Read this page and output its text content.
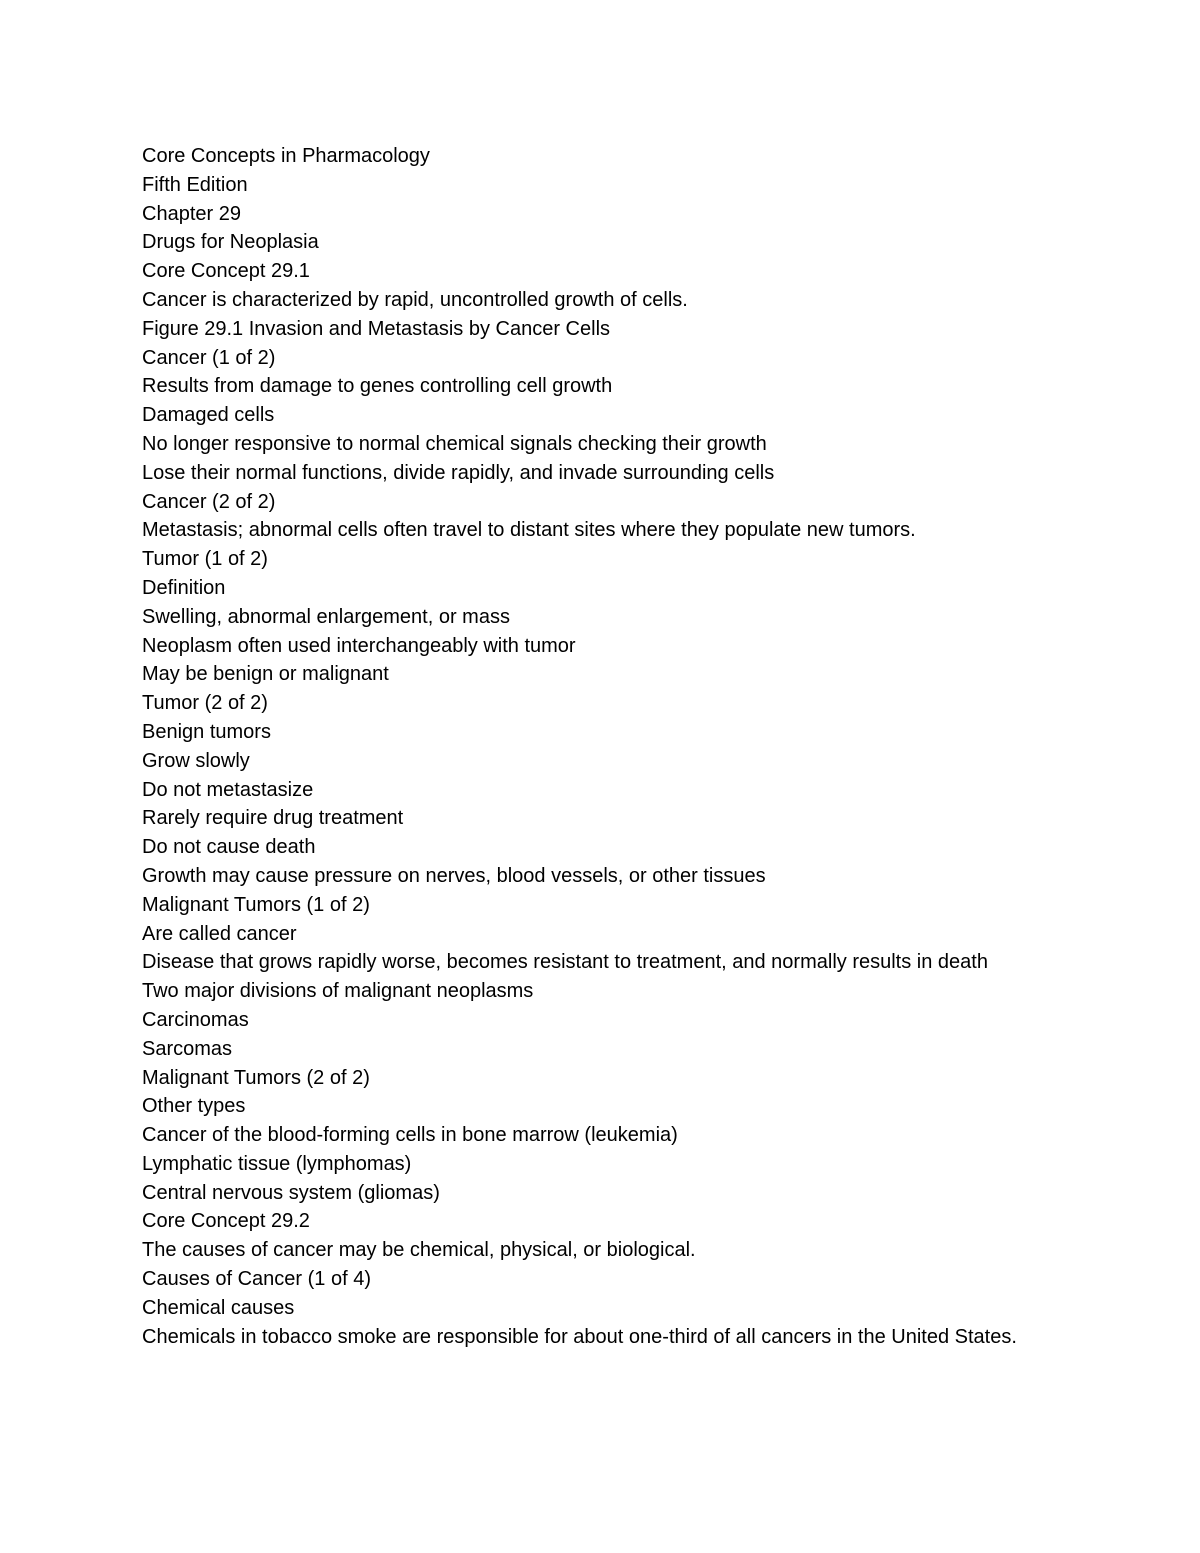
Core Concepts in Pharmacology

Fifth Edition

Chapter 29

Drugs for Neoplasia

Core Concept 29.1

Cancer is characterized by rapid, uncontrolled growth of cells.

Figure 29.1 Invasion and Metastasis by Cancer Cells

Cancer (1 of 2)

Results from damage to genes controlling cell growth

Damaged cells

No longer responsive to normal chemical signals checking their growth

Lose their normal functions, divide rapidly, and invade surrounding cells

Cancer (2 of 2)

Metastasis; abnormal cells often travel to distant sites where they populate new tumors.

Tumor (1 of 2)

Definition

Swelling, abnormal enlargement, or mass

Neoplasm often used interchangeably with tumor

May be benign or malignant

Tumor (2 of 2)

Benign tumors

Grow slowly

Do not metastasize

Rarely require drug treatment

Do not cause death

Growth may cause pressure on nerves, blood vessels, or other tissues

Malignant Tumors (1 of 2)

Are called cancer

Disease that grows rapidly worse, becomes resistant to treatment, and normally results in death

Two major divisions of malignant neoplasms

Carcinomas

Sarcomas

Malignant Tumors (2 of 2)

Other types

Cancer of the blood-forming cells in bone marrow (leukemia)

Lymphatic tissue (lymphomas)

Central nervous system (gliomas)

Core Concept 29.2

The causes of cancer may be chemical, physical, or biological.

Causes of Cancer (1 of 4)

Chemical causes

Chemicals in tobacco smoke are responsible for about one-third of all cancers in the United States.
